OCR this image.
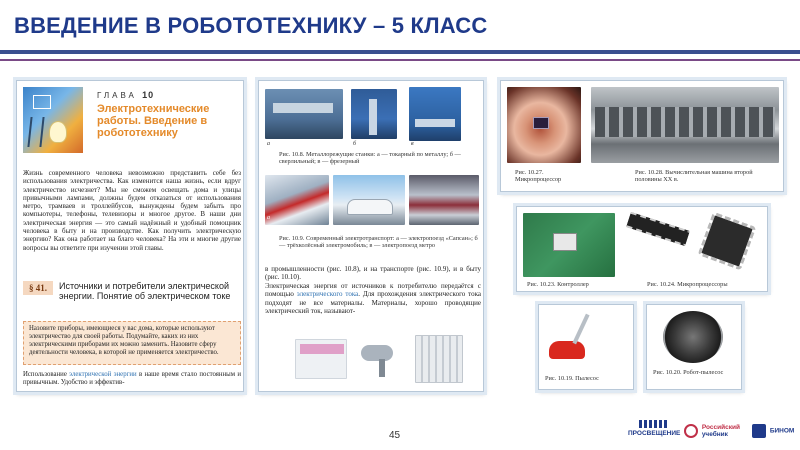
ВВЕДЕНИЕ В РОБОТОТЕХНИКУ – 5 КЛАСС
ГЛАВА 10
Электротехнические работы. Введение в робототехнику
Жизнь современного человека невозможно представить себе без использования электричества. Как изменится наша жизнь, если вдруг электричество исчезнет? Мы не сможем освещать дома и улицы привычными лампами, должны будем отказаться от использования метро, трамваев и троллейбусов, вынуждены будем забыть про компьютеры, телефоны, телевизоры и многое другое. В наши дни электрическая энергия — это самый надёжный и удобный помощник человека в быту и на производстве. Как получить электрическую энергию? Как она работает на благо человека? На эти и многие другие вопросы вы ответите при изучении этой главы.
§ 41.	Источники и потребители электрической энергии. Понятие об электрическом токе
Назовите приборы, имеющиеся у вас дома, которые используют электричество для своей работы. Подумайте, каких из них электрическими приборами их можно заменить. Назовите сферу деятельности человека, в которой не применяется электричество.
Использование электрической энергии в наше время стало постоянным и привычным. Удобство и эффектив-
а	б	в
Рис. 10.8. Металлорежущие станки: а — токарный по металлу; б — сверлильный; в — фрезерный
а
Рис. 10.9. Современный электротранспорт: а — электропоезд «Сапсан»; б — трёхколёсный электромобиль; в — электропоезд метро
в промышленности (рис. 10.8), и на транспорте (рис. 10.9), и в быту (рис. 10.10).
Электрическая энергия от источников к потребителю передаётся с помощью электрического тока. Для прохождения электрического тока подходят не все материалы. Материалы, хорошо проводящие электрический ток, называют-
Рис. 10.27. Микропроцессор
Рис. 10.28. Вычислительная машина второй половины XX в.
Рис. 10.23. Контроллер	Рис. 10.24. Микропроцессоры
Рис. 10.19. Пылесос
Рис. 10.20. Робот-пылесос
45	ПРОСВЕЩЕНИЕ
Российский
учебник	БИНОМ
